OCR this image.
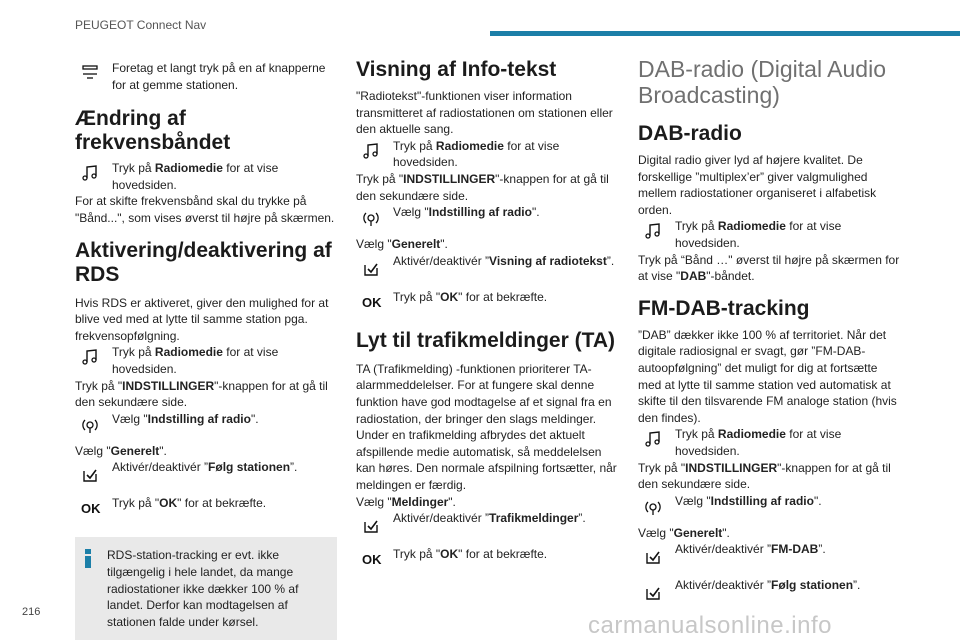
PEUGEOT Connect Nav

Foretag et langt tryk på en af knapperne for at gemme stationen.

Ændring af frekvensbåndet

Tryk på Radiomedie for at vise hovedsiden.

For at skifte frekvensbånd skal du trykke på "Bånd...", som vises øverst til højre på skærmen.

Aktivering/deaktivering af RDS

Hvis RDS er aktiveret, giver den mulighed for at blive ved med at lytte til samme station pga. frekvensopfølgning.

Tryk på Radiomedie for at vise hovedsiden.

Tryk på "INDSTILLINGER"-knappen for at gå til den sekundære side.

Vælg "Indstilling af radio".

Vælg "Generelt".

Aktivér/deaktivér ”Følg stationen”.

OK Tryk på "OK" for at bekræfte.

RDS-station-tracking er evt. ikke tilgængelig i hele landet, da mange radiostationer ikke dækker 100 % af landet. Derfor kan modtagelsen af stationen falde under kørsel.

Visning af Info-tekst

"Radiotekst"-funktionen viser information transmitteret af radiostationen om stationen eller den aktuelle sang.

Tryk på Radiomedie for at vise hovedsiden.

Tryk på "INDSTILLINGER"-knappen for at gå til den sekundære side.

Vælg "Indstilling af radio".

Vælg "Generelt".

Aktivér/deaktivér ”Visning af radiotekst”.

OK Tryk på "OK" for at bekræfte.

Lyt til trafikmeldinger (TA)

TA (Trafikmelding) -funktionen prioriterer TA-alarmmeddelelser. For at fungere skal denne funktion have god modtagelse af et signal fra en radiostation, der bringer den slags meldinger. Under en trafikmelding afbrydes det aktuelt afspillende medie automatisk, så meddelelsen kan høres. Den normale afspilning fortsætter, når meldingen er færdig.

Vælg "Meldinger".

Aktivér/deaktivér ”Trafikmeldinger”.

OK Tryk på "OK" for at bekræfte.

DAB-radio (Digital Audio Broadcasting)
DAB-radio

Digital radio giver lyd af højere kvalitet. De forskellige ”multiplex’er” giver valgmulighed mellem radiostationer organiseret i alfabetisk orden.

Tryk på Radiomedie for at vise hovedsiden.

Tryk på “Bånd …" øverst til højre på skærmen for at vise "DAB"-båndet.

FM-DAB-tracking

”DAB” dækker ikke 100 % af territoriet. Når det digitale radiosignal er svagt, gør ”FM-DAB-autoopfølgning” det muligt for dig at fortsætte med at lytte til samme station ved automatisk at skifte til den tilsvarende FM analoge station (hvis den findes).

Tryk på Radiomedie for at vise hovedsiden.

Tryk på "INDSTILLINGER"-knappen for at gå til den sekundære side.

Vælg "Indstilling af radio".

Vælg "Generelt".

Aktivér/deaktivér ”FM-DAB”.

Aktivér/deaktivér ”Følg stationen”.

216	carmanualsonline.info
